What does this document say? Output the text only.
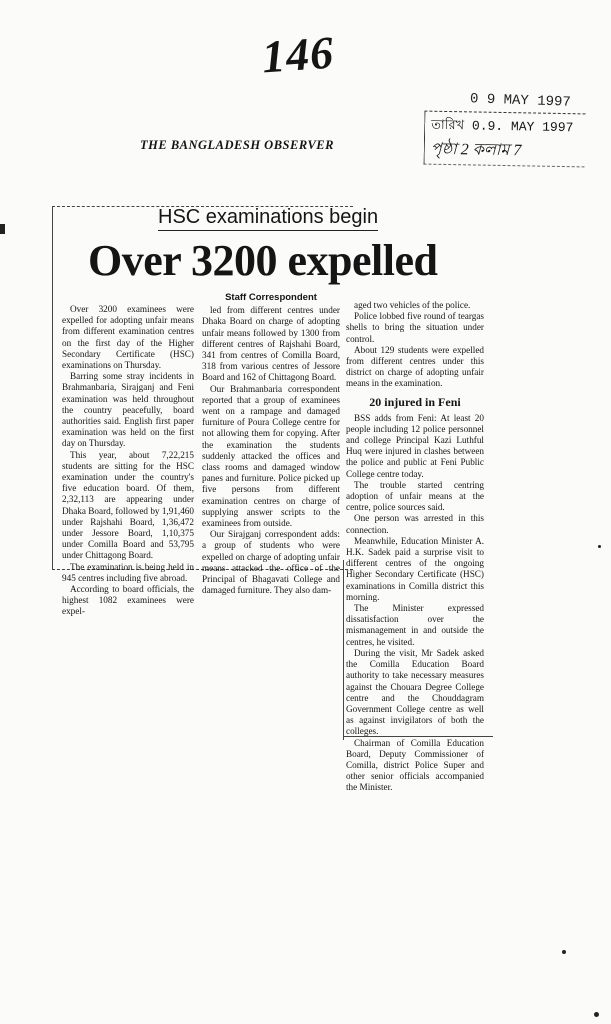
146
0 9 MAY 1997
তারিখ 0.9. MAY 1997
পৃষ্ঠা 2 কলাম 7
THE BANGLADESH OBSERVER
HSC examinations begin
Over 3200 expelled

Over 3200 examinees were expelled for adopting unfair means from different examination centres on the first day of the Higher Secondary Certificate (HSC) examinations on Thursday.

Barring some stray incidents in Brahmanbaria, Sirajganj and Feni examination was held throughout the country peacefully, board authorities said. English first paper examination was held on the first day on Thursday.

This year, about 7,22,215 students are sitting for the HSC examination under the country's five education board. Of them, 2,32,113 are appearing under Dhaka Board, followed by 1,91,460 under Rajshahi Board, 1,36,472 under Jessore Board, 1,10,375 under Comilla Board and 53,795 under Chittagong Board.

The examination is being held in 945 centres including five abroad.

According to board officials, the highest 1082 examinees were expel-

Staff Correspondent

led from different centres under Dhaka Board on charge of adopting unfair means followed by 1300 from different centres of Rajshahi Board, 341 from centres of Comilla Board, 318 from various centres of Jessore Board and 162 of Chittagong Board.

Our Brahmanbaria correspondent reported that a group of examinees went on a rampage and damaged furniture of Poura College centre for not allowing them for copying. After the examination the students suddenly attacked the offices and class rooms and damaged window panes and furniture. Police picked up five persons from different examination centres on charge of supplying answer scripts to the examinees from outside.

Our Sirajganj correspondent adds: a group of students who were expelled on charge of adopting unfair means attacked the office of the Principal of Bhagavati College and damaged furniture. They also dam-

aged two vehicles of the police.

Police lobbed five round of teargas shells to bring the situation under control.

About 129 students were expelled from different centres under this district on charge of adopting unfair means in the examination.

20 injured in Feni

BSS adds from Feni: At least 20 people including 12 police personnel and college Principal Kazi Luthful Huq were injured in clashes between the police and public at Feni Public College centre today.

The trouble started centring adoption of unfair means at the centre, police sources said.

One person was arrested in this connection.

Meanwhile, Education Minister A. H.K. Sadek paid a surprise visit to different centres of the ongoing Higher Secondary Certificate (HSC) examinations in Comilla district this morning.

The Minister expressed dissatisfaction over the mismanagement in and outside the centres, he visited.

During the visit, Mr Sadek asked the Comilla Education Board authority to take necessary measures against the Chouara Degree College centre and the Chouddagram Government College centre as well as against invigilators of both the colleges.

Chairman of Comilla Education Board, Deputy Commissioner of Comilla, district Police Super and other senior officials accompanied the Minister.
